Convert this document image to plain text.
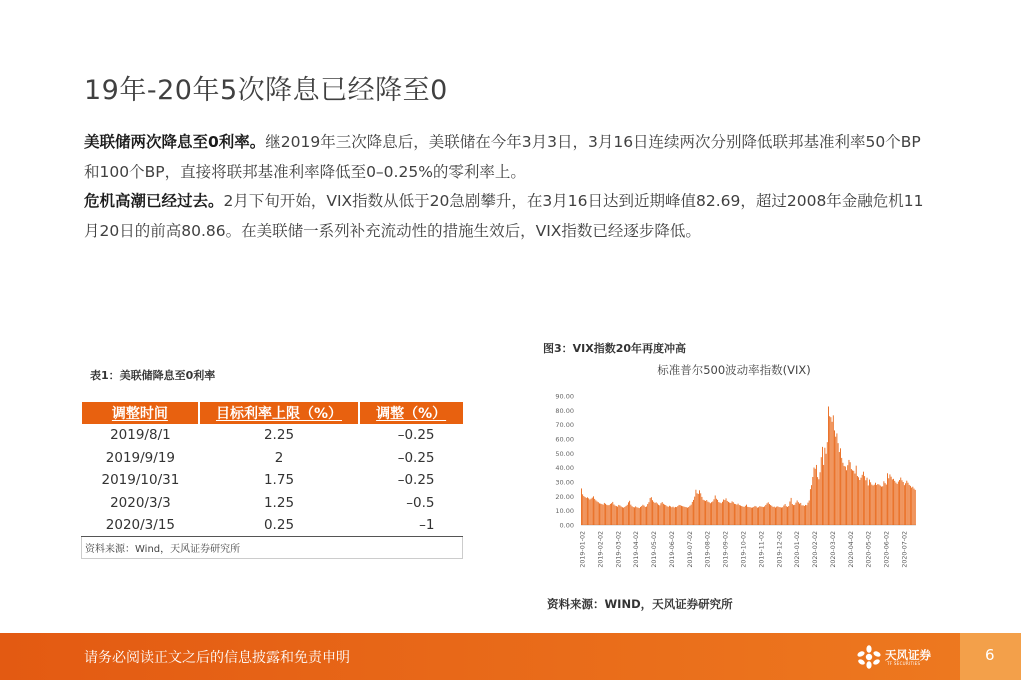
19年-20年5次降息已经降至0
美联储两次降息至0利率。继2019年三次降息后，美联储在今年3月3日，3月16日连续两次分别降低联邦基准利率50个BP和100个BP，直接将联邦基准利率降低至0–0.25%的零利率上。
危机高潮已经过去。2月下旬开始，VIX指数从低于20急剧攀升，在3月16日达到近期峰值82.69，超过2008年金融危机11月20日的前高80.86。在美联储一系列补充流动性的措施生效后，VIX指数已经逐步降低。
表1：美联储降息至0利率
调整时间	目标利率上限（%）	调整（%）
2019/8/1	2.25	–0.25
2019/9/19	2	–0.25
2019/10/31	1.75	–0.25
2020/3/3	1.25	–0.5
2020/3/15	0.25	–1
资料来源：Wind，天风证券研究所		
图3：VIX指数20年再度冲高
标准普尔500波动率指数(VIX)
0.00
10.00
20.00
30.00
40.00
50.00
60.00
70.00
80.00
90.00
2019-01-02 2019-02-02 2019-03-02 2019-04-02 2019-05-02 2019-06-02 2019-07-02 2019-08-02 2019-09-02 2019-10-02 2019-11-02 2019-12-02 2020-01-02 2020-02-02 2020-03-02 2020-04-02 2020-05-02 2020-06-02 2020-07-02
资料来源：WIND，天风证券研究所
请务必阅读正文之后的信息披露和免责申明	天风证券
TF SECURITIES	6
